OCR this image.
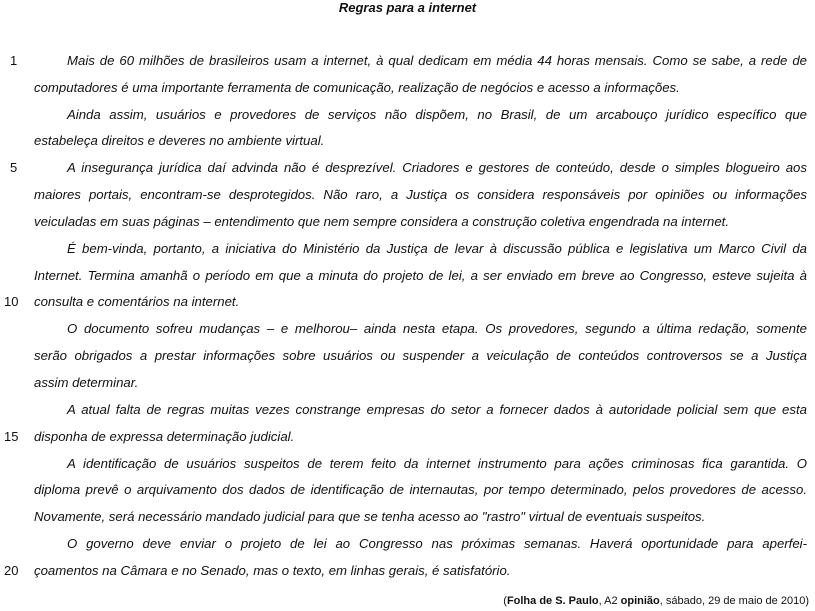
Regras para a internet
1
5
10
15
20
Mais de 60 milhões de brasileiros usam a internet, à qual dedicam em média 44 horas mensais. Como se sabe, a rede de
computadores é uma importante ferramenta de comunicação, realização de negócios e acesso a informações.
Ainda assim, usuários e provedores de serviços não dispõem, no Brasil, de um arcabouço jurídico específico que
estabeleça direitos e deveres no ambiente virtual.
A insegurança jurídica daí advinda não é desprezível. Criadores e gestores de conteúdo, desde o simples blogueiro aos
maiores portais, encontram-se desprotegidos. Não raro, a Justiça os considera responsáveis por opiniões ou informações
veiculadas em suas páginas – entendimento que nem sempre considera a construção coletiva engendrada na internet.
É bem-vinda, portanto, a iniciativa do Ministério da Justiça de levar à discussão pública e legislativa um Marco Civil da
Internet. Termina amanhã o período em que a minuta do projeto de lei, a ser enviado em breve ao Congresso, esteve sujeita à
consulta e comentários na internet.
O documento sofreu mudanças – e melhorou– ainda nesta etapa. Os provedores, segundo a última redação, somente
serão obrigados a prestar informações sobre usuários ou suspender a veiculação de conteúdos controversos se a Justiça
assim determinar.
A atual falta de regras muitas vezes constrange empresas do setor a fornecer dados à autoridade policial sem que esta
disponha de expressa determinação judicial.
A identificação de usuários suspeitos de terem feito da internet instrumento para ações criminosas fica garantida. O
diploma prevê o arquivamento dos dados de identificação de internautas, por tempo determinado, pelos provedores de acesso.
Novamente, será necessário mandado judicial para que se tenha acesso ao "rastro" virtual de eventuais suspeitos.
O governo deve enviar o projeto de lei ao Congresso nas próximas semanas. Haverá oportunidade para aperfei-
çoamentos na Câmara e no Senado, mas o texto, em linhas gerais, é satisfatório.
(Folha de S. Paulo, A2 opinião, sábado, 29 de maio de 2010)
